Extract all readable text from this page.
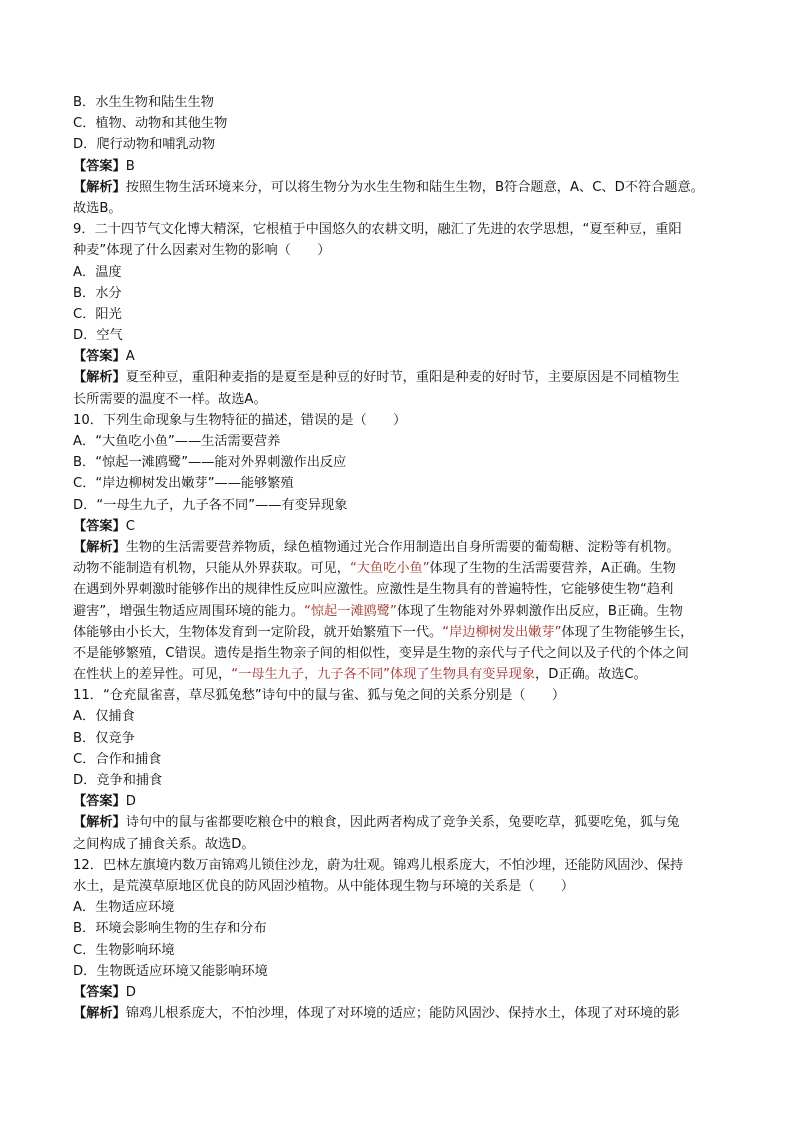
B．水生生物和陆生生物
C．植物、动物和其他生物
D．爬行动物和哺乳动物
【答案】B
【解析】按照生物生活环境来分，可以将生物分为水生生物和陆生生物，B符合题意，A、C、D不符合题意。
故选B。
9．二十四节气文化博大精深，它根植于中国悠久的农耕文明，融汇了先进的农学思想，“夏至种豆，重阳
种麦”体现了什么因素对生物的影响（　　）
A．温度
B．水分
C．阳光
D．空气
【答案】A
【解析】夏至种豆，重阳种麦指的是夏至是种豆的好时节，重阳是种麦的好时节，主要原因是不同植物生
长所需要的温度不一样。故选A。
10．下列生命现象与生物特征的描述，错误的是（　　）
A．“大鱼吃小鱼”——生活需要营养
B．“惊起一滩鸥鹭”——能对外界刺激作出反应
C．“岸边柳树发出嫩芽”——能够繁殖
D．“一母生九子，九子各不同”——有变异现象
【答案】C
【解析】生物的生活需要营养物质，绿色植物通过光合作用制造出自身所需要的葡萄糖、淀粉等有机物。
动物不能制造有机物，只能从外界获取。可见，“大鱼吃小鱼”体现了生物的生活需要营养，A正确。生物
在遇到外界刺激时能够作出的规律性反应叫应激性。应激性是生物具有的普遍特性，它能够使生物“趋利
避害”，增强生物适应周围环境的能力。“惊起一滩鸥鹭”体现了生物能对外界刺激作出反应，B正确。生物
体能够由小长大，生物体发育到一定阶段，就开始繁殖下一代。“岸边柳树发出嫩芽”体现了生物能够生长，
不是能够繁殖，C错误。遗传是指生物亲子间的相似性，变异是生物的亲代与子代之间以及子代的个体之间
在性状上的差异性。可见，“一母生九子，九子各不同”体现了生物具有变异现象，D正确。故选C。
11．“仓充鼠雀喜，草尽狐兔愁”诗句中的鼠与雀、狐与兔之间的关系分别是（　　）
A．仅捕食
B．仅竞争
C．合作和捕食
D．竞争和捕食
【答案】D
【解析】诗句中的鼠与雀都要吃粮仓中的粮食，因此两者构成了竞争关系，兔要吃草，狐要吃兔，狐与兔
之间构成了捕食关系。故选D。
12．巴林左旗境内数万亩锦鸡儿锁住沙龙，蔚为壮观。锦鸡儿根系庞大，不怕沙埋，还能防风固沙、保持
水土，是荒漠草原地区优良的防风固沙植物。从中能体现生物与环境的关系是（　　）
A．生物适应环境
B．环境会影响生物的生存和分布
C．生物影响环境
D．生物既适应环境又能影响环境
【答案】D
【解析】锦鸡儿根系庞大，不怕沙埋，体现了对环境的适应；能防风固沙、保持水土，体现了对环境的影
